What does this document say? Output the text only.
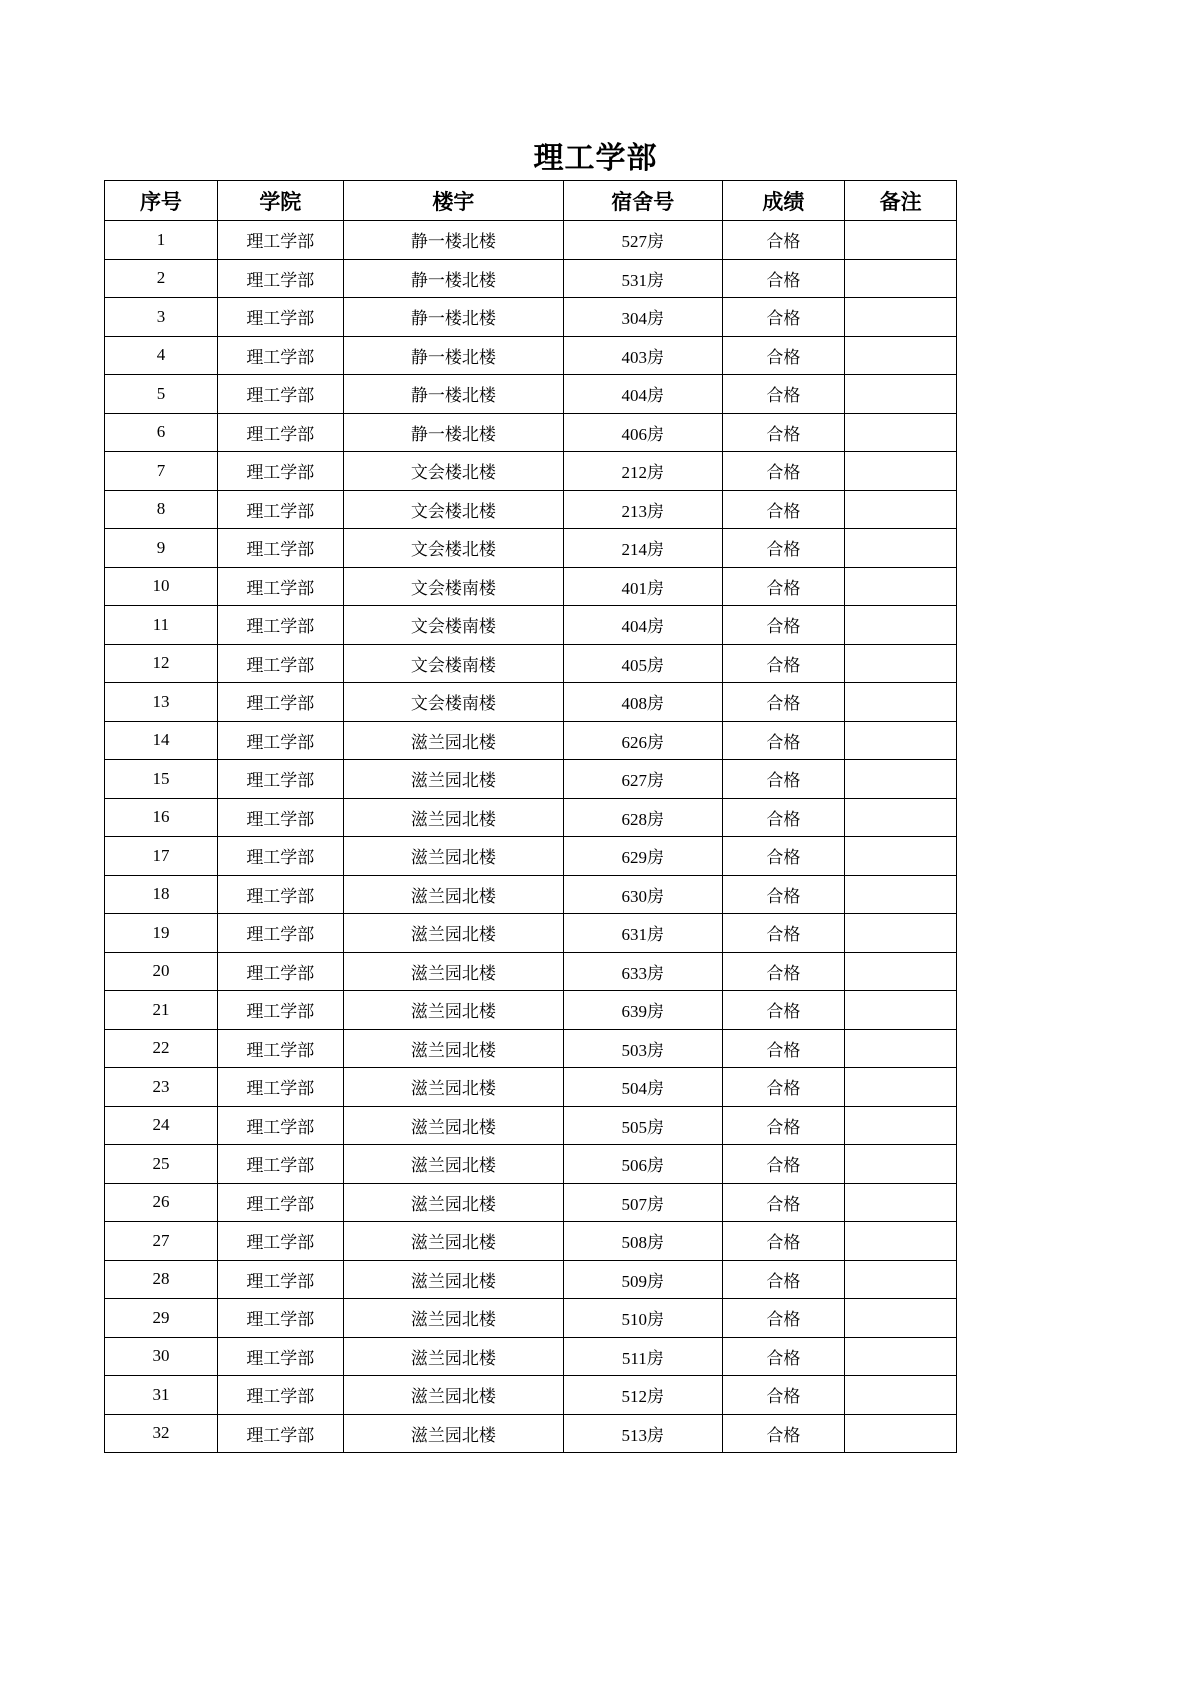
理工学部
序号	学院	楼宇	宿舍号	成绩	备注
1	理工学部	静一楼北楼	527房	合格	
2	理工学部	静一楼北楼	531房	合格	
3	理工学部	静一楼北楼	304房	合格	
4	理工学部	静一楼北楼	403房	合格	
5	理工学部	静一楼北楼	404房	合格	
6	理工学部	静一楼北楼	406房	合格	
7	理工学部	文会楼北楼	212房	合格	
8	理工学部	文会楼北楼	213房	合格	
9	理工学部	文会楼北楼	214房	合格	
10	理工学部	文会楼南楼	401房	合格	
11	理工学部	文会楼南楼	404房	合格	
12	理工学部	文会楼南楼	405房	合格	
13	理工学部	文会楼南楼	408房	合格	
14	理工学部	滋兰园北楼	626房	合格	
15	理工学部	滋兰园北楼	627房	合格	
16	理工学部	滋兰园北楼	628房	合格	
17	理工学部	滋兰园北楼	629房	合格	
18	理工学部	滋兰园北楼	630房	合格	
19	理工学部	滋兰园北楼	631房	合格	
20	理工学部	滋兰园北楼	633房	合格	
21	理工学部	滋兰园北楼	639房	合格	
22	理工学部	滋兰园北楼	503房	合格	
23	理工学部	滋兰园北楼	504房	合格	
24	理工学部	滋兰园北楼	505房	合格	
25	理工学部	滋兰园北楼	506房	合格	
26	理工学部	滋兰园北楼	507房	合格	
27	理工学部	滋兰园北楼	508房	合格	
28	理工学部	滋兰园北楼	509房	合格	
29	理工学部	滋兰园北楼	510房	合格	
30	理工学部	滋兰园北楼	511房	合格	
31	理工学部	滋兰园北楼	512房	合格	
32	理工学部	滋兰园北楼	513房	合格	
